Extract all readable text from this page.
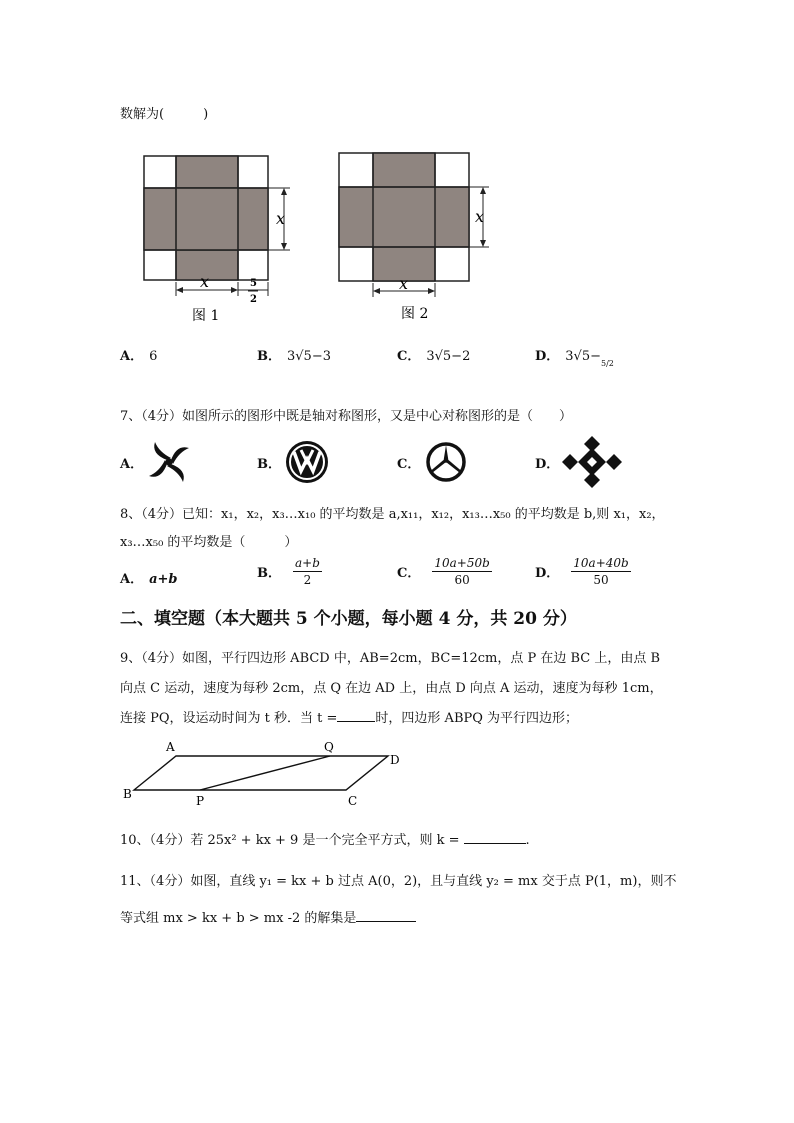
数解为(　　　)
x
x	5
2
图 1
x
x
图 2
A． 6	B． 3√5−3	C． 3√5−2	D． $3√5-_{5/2}$
7、（4分）如图所示的图形中既是轴对称图形，又是中心对称图形的是（　　）
A．	B．	C．	D．
8、（4分）已知：x₁，x₂，x₃…x₁₀ 的平均数是 a,x₁₁，x₁₂，x₁₃…x₅₀ 的平均数是 b,则 x₁，x₂，
x₃…x₅₀ 的平均数是（　　　）
A． a+b	B． $\frac{a+b}{2}$	C． $\frac{10a+50b}{60}$	D． $\frac{10a+40b}{50}$
二、填空题（本大题共 5 个小题，每小题 4 分，共 20 分）
9、（4分）如图，平行四边形 ABCD 中，AB=2cm，BC=12cm，点 P 在边 BC 上，由点 B
向点 C 运动，速度为每秒 2cm，点 Q 在边 AD 上，由点 D 向点 A 运动，速度为每秒 1cm，
连接 PQ，设运动时间为 t 秒．当 t =	时，四边形 ABPQ 为平行四边形；
A	Q
D
B	P	C
10、（4分）若 25x² + kx + 9 是一个完全平方式，则 k =	.
11、（4分）如图，直线 y₁ = kx + b 过点 A(0，2)，且与直线 y₂ = mx 交于点 P(1，m)，则不
等式组 mx > kx + b > mx -2 的解集是
